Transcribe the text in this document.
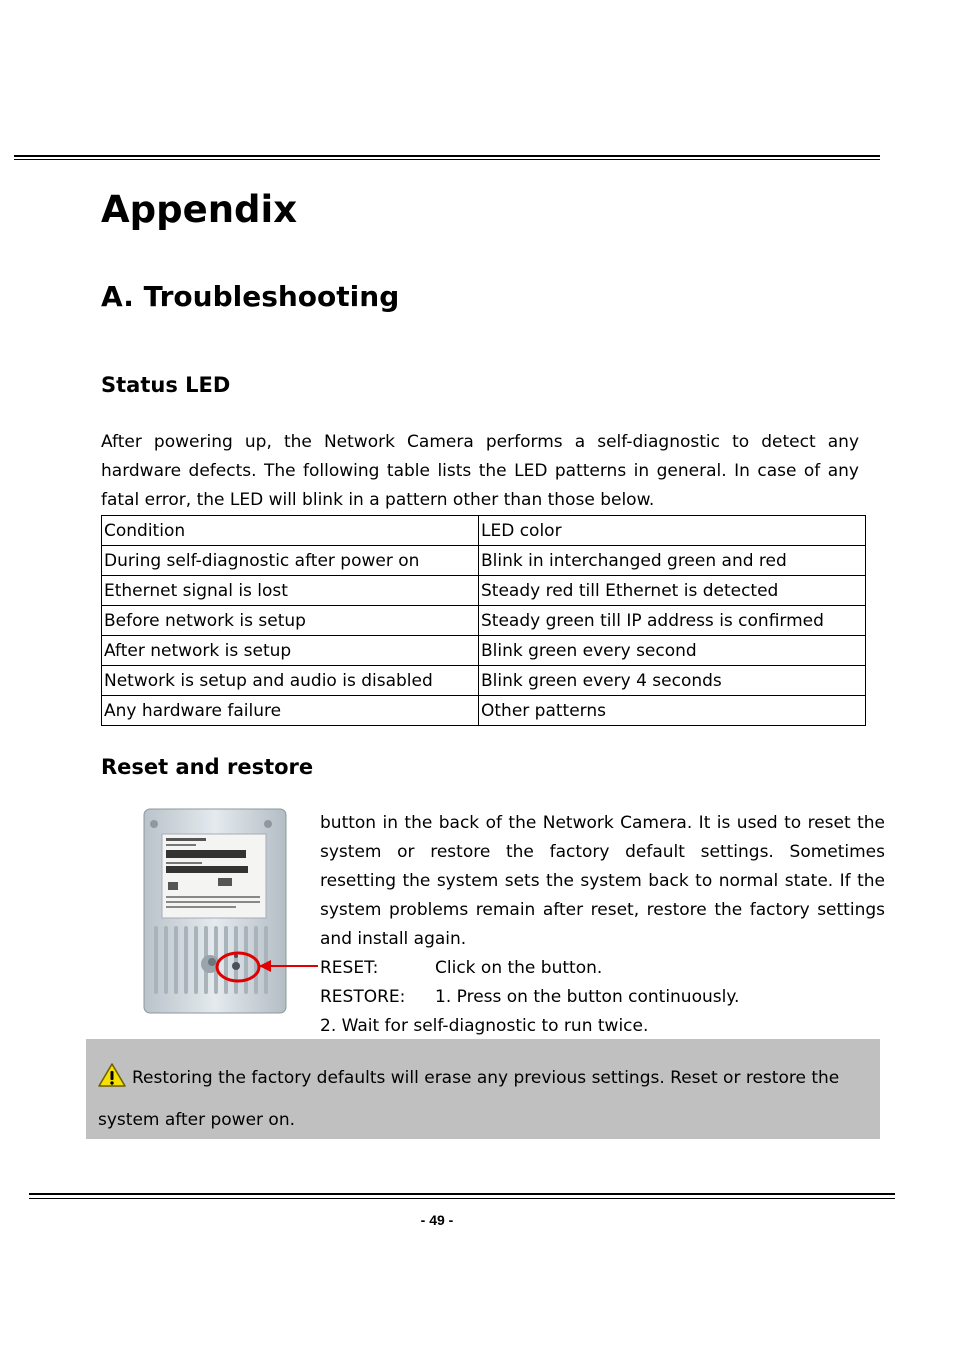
Appendix
A. Troubleshooting
Status LED

After powering up, the Network Camera performs a self-diagnostic to detect any hardware defects. The following table lists the LED patterns in general. In case of any fatal error, the LED will blink in a pattern other than those below.

Condition	LED color
During self-diagnostic after power on	Blink in interchanged green and red
Ethernet signal is lost	Steady red till Ethernet is detected
Before network is setup	Steady green till IP address is confirmed
After network is setup	Blink green every second
Network is setup and audio is disabled	Blink green every 4 seconds
Any hardware failure	Other patterns
Reset and restore

button in the back of the Network Camera. It is used to reset the system or restore the factory default settings. Sometimes resetting the system sets the system back to normal state. If the system problems remain after reset, restore the factory settings and install again.

RESET:	Click on the button.
RESTORE: 1. Press on the button continuously.
2. Wait for self-diagnostic to run twice.

Restoring the factory defaults will erase any previous settings. Reset or restore the system after power on.

- 49 -
